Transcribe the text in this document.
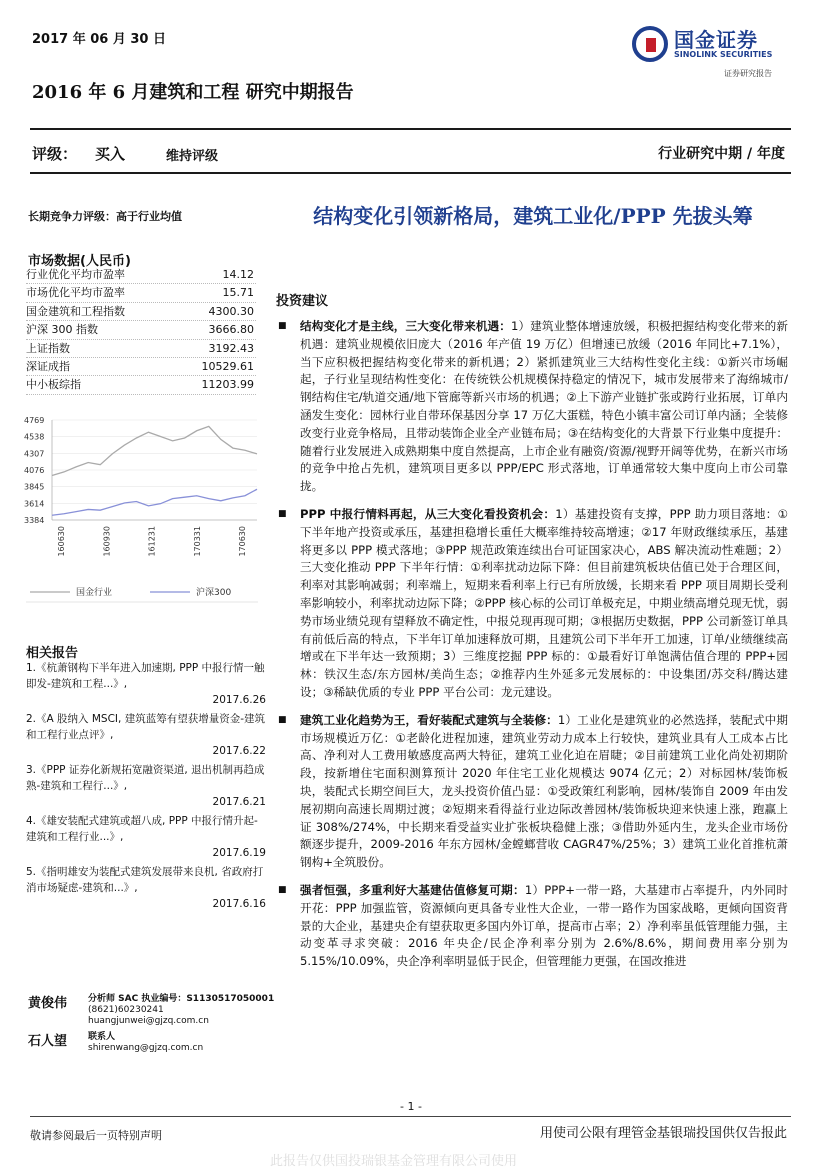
2017 年 06 月 30 日	国金证券
SINOLINK SECURITIES
证券研究报告
2016 年 6 月建筑和工程 研究中期报告
评级： 买入	维持评级	行业研究中期 / 年度
长期竞争力评级：高于行业均值
市场数据(人民币)
行业优化平均市盈率	14.12
市场优化平均市盈率	15.71
国金建筑和工程指数	4300.30
沪深 300 指数	3666.80
上证指数	3192.43
深证成指	10529.61
中小板综指	11203.99
4769
4538
4307
4076
3845
3614
3384
160630	160930	161231	170331	170630
国金行业	沪深300
相关报告
1.《杭萧钢构下半年进入加速期, PPP 中报行情一触即发-建筑和工程...》,
2017.6.26
2.《A 股纳入 MSCI, 建筑蓝筹有望获增量资金-建筑和工程行业点评》,
2017.6.22
3.《PPP 证券化新规拓宽融资渠道, 退出机制再趋成熟-建筑和工程行...》,
2017.6.21
4.《雄安装配式建筑或超八成, PPP 中报行情升起-建筑和工程行业...》,
2017.6.19
5.《指明雄安为装配式建筑发展带来良机, 省政府打消市场疑虑-建筑和...》,
2017.6.16
结构变化引领新格局，建筑工业化/PPP 先拔头筹
投资建议
■ 结构变化才是主线，三大变化带来机遇：1）建筑业整体增速放缓，积极把握结构变化带来的新机遇：建筑业规模依旧庞大（2016 年产值 19 万亿）但增速已放缓（2016 年同比+7.1%），当下应积极把握结构变化带来的新机遇；2）紧抓建筑业三大结构性变化主线：①新兴市场崛起，子行业呈现结构性变化：在传统铁公机规模保持稳定的情况下，城市发展带来了海绵城市/钢结构住宅/轨道交通/地下管廊等新兴市场的机遇；②上下游产业链扩张或跨行业拓展，订单内涵发生变化：园林行业自带环保基因分享 17 万亿大蛋糕，特色小镇丰富公司订单内涵；全装修改变行业竞争格局，且带动装饰企业全产业链布局；③在结构变化的大背景下行业集中度提升：随着行业发展进入成熟期集中度自然提高，上市企业有融资/资源/视野开阔等优势，在新兴市场的竞争中抢占先机，建筑项目更多以 PPP/EPC 形式落地，订单通常较大集中度向上市公司靠拢。
■ PPP 中报行情料再起，从三大变化看投资机会：1）基建投资有支撑，PPP 助力项目落地：①下半年地产投资或承压，基建担稳增长重任大概率维持较高增速；②17 年财政继续承压，基建将更多以 PPP 模式落地；③PPP 规范政策连续出台可证国家决心，ABS 解决流动性难题；2）三大变化推动 PPP 下半年行情：①利率扰动边际下降：但目前建筑板块估值已处于合理区间，利率对其影响减弱；利率端上，短期来看利率上行已有所放缓，长期来看 PPP 项目周期长受利率影响较小，利率扰动边际下降；②PPP 核心标的公司订单极充足，中期业绩高增兑现无忧，弱势市场业绩兑现有望释放不确定性，中报兑现再现可期；③根据历史数据，PPP 公司新签订单具有前低后高的特点，下半年订单加速释放可期，且建筑公司下半年开工加速，订单/业绩继续高增或在下半年达一致预期；3）三维度挖掘 PPP 标的：①最看好订单饱满估值合理的 PPP+园林：铁汉生态/东方园林/美尚生态；②推荐内生外延多元发展标的：中设集团/苏交科/腾达建设；③稀缺优质的专业 PPP 平台公司：龙元建设。
■ 建筑工业化趋势为王，看好装配式建筑与全装修：1）工业化是建筑业的必然选择，装配式中期市场规模近万亿：①老龄化进程加速，建筑业劳动力成本上行较快，建筑业具有人工成本占比高、净利对人工费用敏感度高两大特征，建筑工业化迫在眉睫；②目前建筑工业化尚处初期阶段，按新增住宅面积测算预计 2020 年住宅工业化规模达 9074 亿元；2）对标园林/装饰板块，装配式长期空间巨大，龙头投资价值凸显：①受政策红利影响，园林/装饰自 2009 年由发展初期向高速长周期过渡；②短期来看得益行业边际改善园林/装饰板块迎来快速上涨，跑赢上证 308%/274%，中长期来看受益实业扩张板块稳健上涨；③借助外延内生，龙头企业市场份额逐步提升，2009-2016 年东方园林/金螳螂营收 CAGR47%/25%；3）建筑工业化首推杭萧钢构+全筑股份。
■ 强者恒强，多重利好大基建估值修复可期：1）PPP+一带一路，大基建市占率提升，内外同时开花：PPP 加强监管，资源倾向更具备专业性大企业，一带一路作为国家战略，更倾向国资背景的大企业，基建央企有望获取更多国内外订单，提高市占率；2）净利率虽低管理能力强，主动变革寻求突破：2016 年央企/民企净利率分别为 2.6%/8.6%，期间费用率分别为 5.15%/10.09%，央企净利率明显低于民企，但管理能力更强，在国改推进
黄俊伟 分析师 SAC 执业编号：S1130517050001
(8621)60230241
huangjunwei@gjzq.com.cn
石人望 联系人
shirenwang@gjzq.com.cn
- 1 -
敬请参阅最后一页特别声明	用使司公限有理管金基银瑞投国供仅告报此
此报告仅供国投瑞银基金管理有限公司使用
